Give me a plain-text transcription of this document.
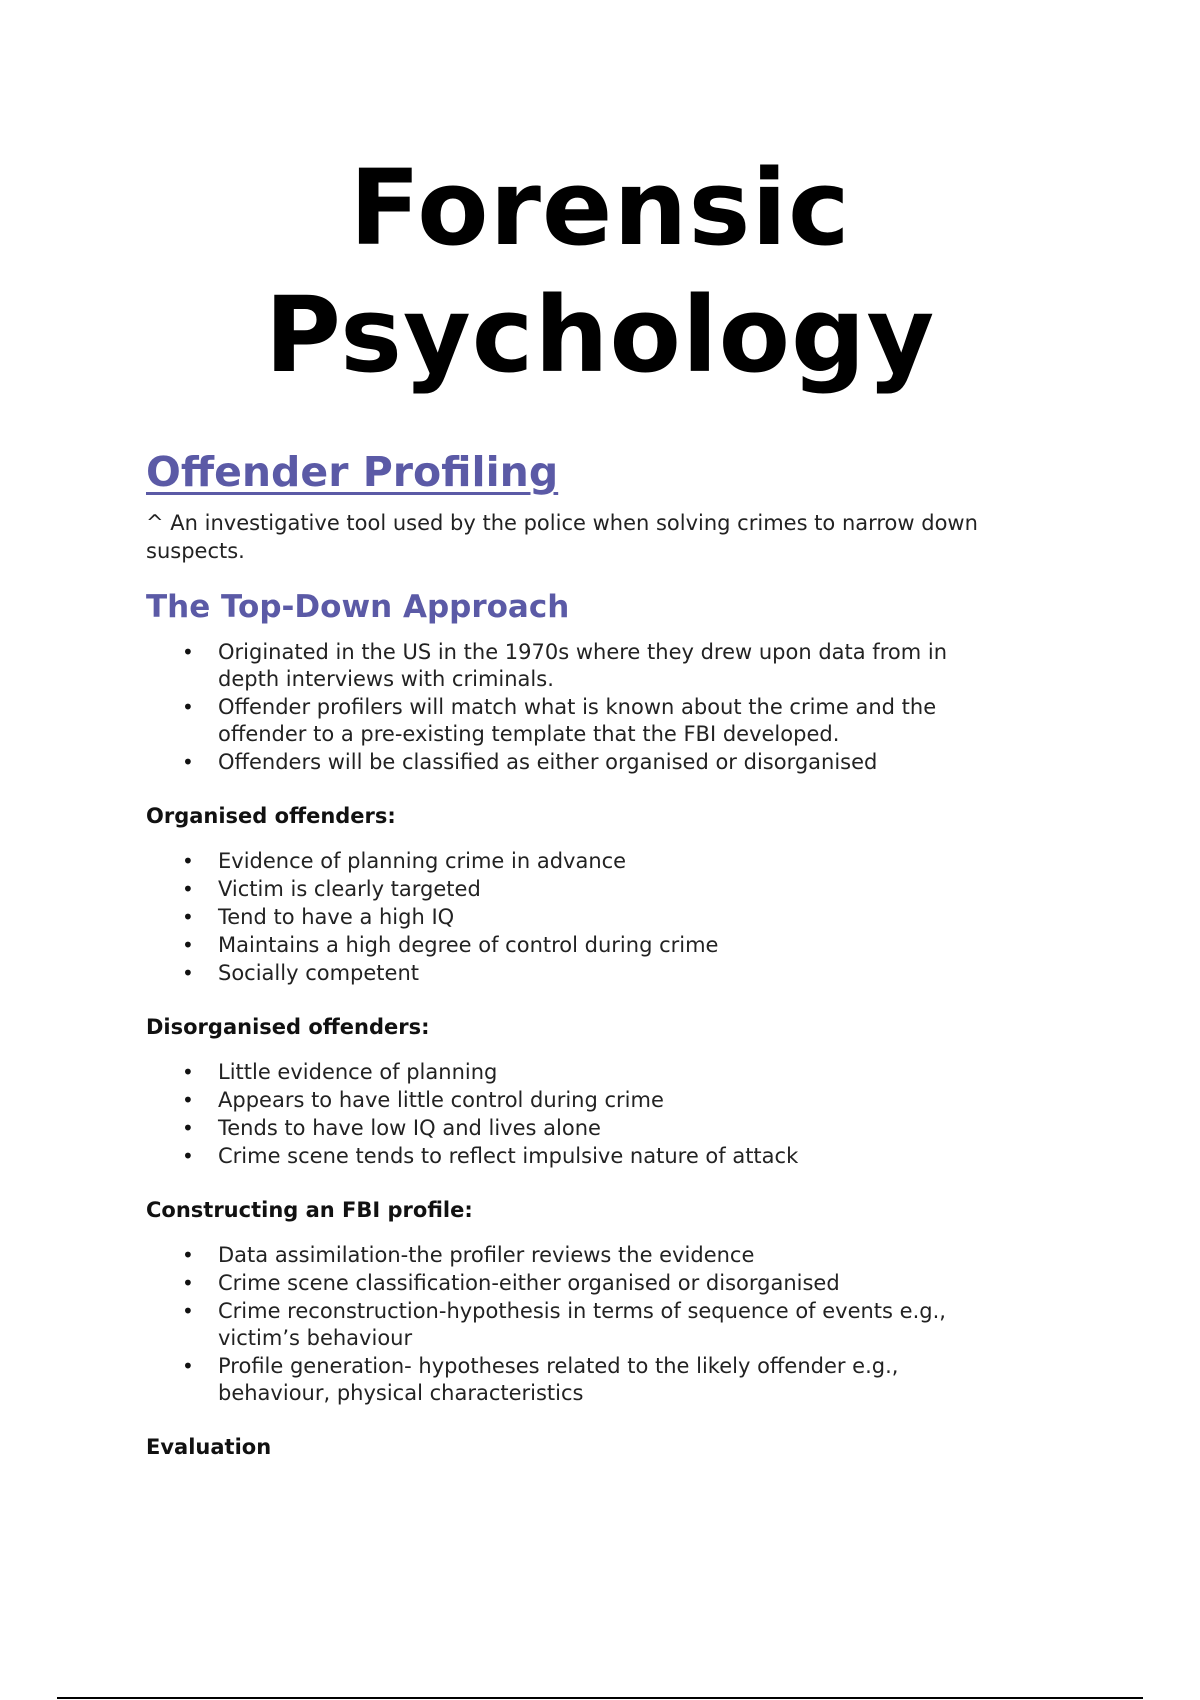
Forensic
Psychology
Offender Profiling

^ An investigative tool used by the police when solving crimes to narrow down suspects.

The Top-Down Approach
• Originated in the US in the 1970s where they drew upon data from in depth interviews with criminals.
• Offender profilers will match what is known about the crime and the offender to a pre-existing template that the FBI developed.
• Offenders will be classified as either organised or disorganised
Organised offenders:
• Evidence of planning crime in advance
• Victim is clearly targeted
• Tend to have a high IQ
• Maintains a high degree of control during crime
• Socially competent
Disorganised offenders:
• Little evidence of planning
• Appears to have little control during crime
• Tends to have low IQ and lives alone
• Crime scene tends to reflect impulsive nature of attack
Constructing an FBI profile:
• Data assimilation-the profiler reviews the evidence
• Crime scene classification-either organised or disorganised
• Crime reconstruction-hypothesis in terms of sequence of events e.g., victim’s behaviour
• Profile generation- hypotheses related to the likely offender e.g., behaviour, physical characteristics
Evaluation
